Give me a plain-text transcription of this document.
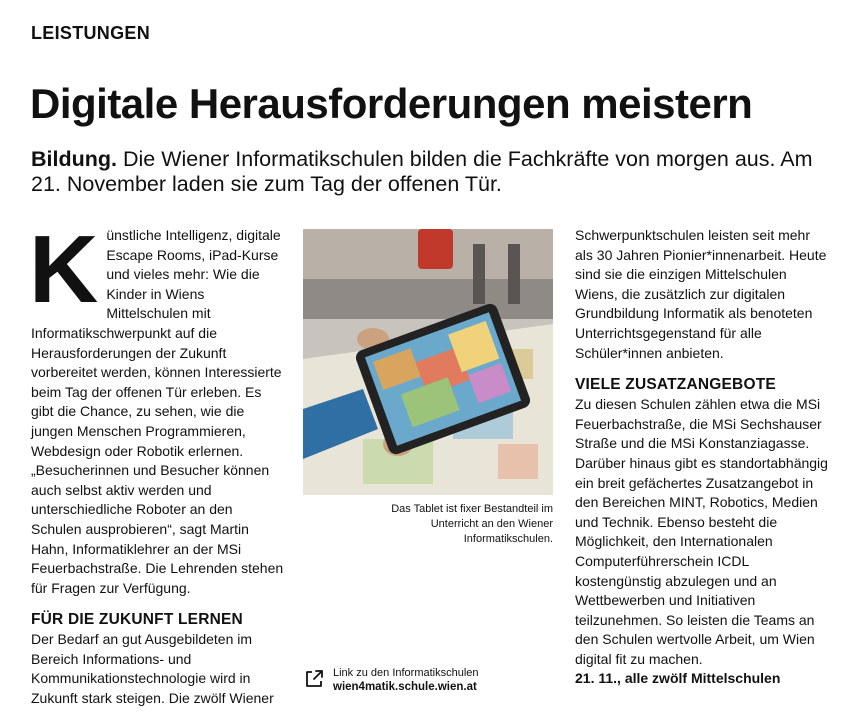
LEISTUNGEN
Digitale Herausforderungen meistern

Bildung. Die Wiener Informatikschulen bilden die Fachkräfte von morgen aus. Am 21. November laden sie zum Tag der offenen Tür.

K ünstliche Intelligenz, digitale Escape Rooms, iPad-Kurse und vieles mehr: Wie die Kinder in Wiens Mittelschulen mit Informatikschwerpunkt auf die Herausforderungen der Zukunft vorbereitet werden, können Interessierte beim Tag der offenen Tür erleben. Es gibt die Chance, zu sehen, wie die jungen Menschen Programmieren, Webdesign oder Robotik erlernen. „Besucherinnen und Besucher können auch selbst aktiv werden und unterschiedliche Roboter an den Schulen ausprobieren“, sagt Martin Hahn, Informatiklehrer an der MSi Feuerbachstraße. Die Lehrenden stehen für Fragen zur Verfügung.

FÜR DIE ZUKUNFT LERNEN

Der Bedarf an gut Ausgebildeten im Bereich Informations- und Kommunikationstechnologie wird in Zukunft stark steigen. Die zwölf Wiener

Das Tablet ist fixer Bestandteil im Unterricht an den Wiener Informatikschulen.
Link zu den Informatikschulen
wien4matik.schule.wien.at

Schwerpunktschulen leisten seit mehr als 30 Jahren Pionier*innenarbeit. Heute sind sie die einzigen Mittelschulen Wiens, die zusätzlich zur digitalen Grundbildung Informatik als benoteten Unterrichtsgegenstand für alle Schüler*innen anbieten.

VIELE ZUSATZANGEBOTE

Zu diesen Schulen zählen etwa die MSi Feuerbachstraße, die MSi Sechshauser Straße und die MSi Konstanziagasse. Darüber hinaus gibt es standortabhängig ein breit gefächertes Zusatzangebot in den Bereichen MINT, Robotics, Medien und Technik. Ebenso besteht die Möglichkeit, den Internationalen Computerführerschein ICDL kostengünstig abzulegen und an Wettbewerben und Initiativen teilzunehmen. So leisten die Teams an den Schulen wertvolle Arbeit, um Wien digital fit zu machen.

21. 11., alle zwölf Mittelschulen
